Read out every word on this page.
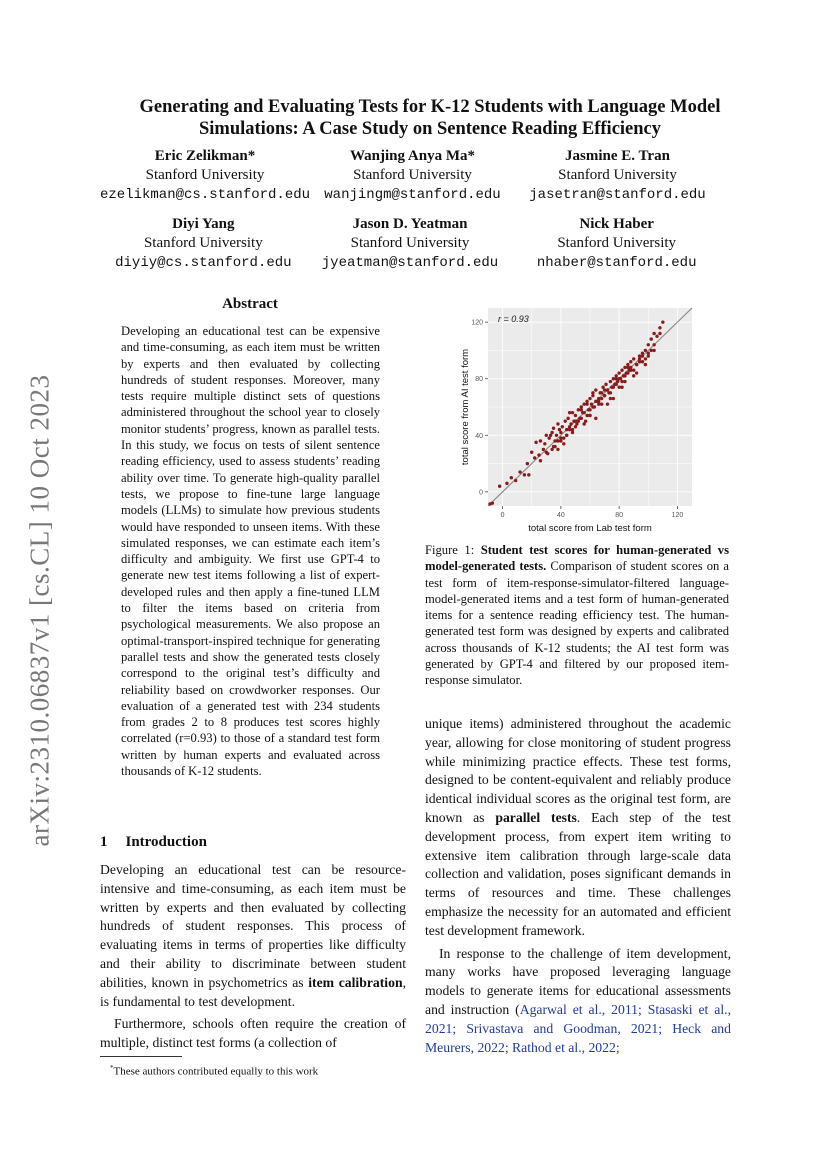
arXiv:2310.06837v1 [cs.CL] 10 Oct 2023
Generating and Evaluating Tests for K-12 Students with Language Model
Simulations: A Case Study on Sentence Reading Efficiency
Eric Zelikman*
Stanford University
ezelikman@cs.stanford.edu
Wanjing Anya Ma*
Stanford University
wanjingm@stanford.edu
Jasmine E. Tran
Stanford University
jasetran@stanford.edu
Diyi Yang
Stanford University
diyiy@cs.stanford.edu
Jason D. Yeatman
Stanford University
jyeatman@stanford.edu
Nick Haber
Stanford University
nhaber@stanford.edu
Abstract
Developing an educational test can be expensive and time-consuming, as each item must be written by experts and then evaluated by collecting hundreds of student responses. Moreover, many tests require multiple distinct sets of questions administered throughout the school year to closely monitor students’ progress, known as parallel tests. In this study, we focus on tests of silent sentence reading efficiency, used to assess students’ reading ability over time. To generate high-quality parallel tests, we propose to fine-tune large language models (LLMs) to simulate how previous students would have responded to unseen items. With these simulated responses, we can estimate each item’s difficulty and ambiguity. We first use GPT-4 to generate new test items following a list of expert-developed rules and then apply a fine-tuned LLM to filter the items based on criteria from psychological measurements. We also propose an optimal-transport-inspired technique for generating parallel tests and show the generated tests closely correspond to the original test’s difficulty and reliability based on crowdworker responses. Our evaluation of a generated test with 234 students from grades 2 to 8 produces test scores highly correlated (r=0.93) to those of a standard test form written by human experts and evaluated across thousands of K-12 students.
1 Introduction

Developing an educational test can be resource-intensive and time-consuming, as each item must be written by experts and then evaluated by collecting hundreds of student responses. This process of evaluating items in terms of properties like difficulty and their ability to discriminate between student abilities, known in psychometrics as item calibration, is fundamental to test development.

Furthermore, schools often require the creation of multiple, distinct test forms (a collection of

*These authors contributed equally to this work
0	40	80	120
0
40
80
120 r = 0.93
total score from Lab test form
total score from AI test form
Figure 1: Student test scores for human-generated vs model-generated tests. Comparison of student scores on a test form of item-response-simulator-filtered language-model-generated items and a test form of human-generated items for a sentence reading efficiency test. The human-generated test form was designed by experts and calibrated across thousands of K-12 students; the AI test form was generated by GPT-4 and filtered by our proposed item-response simulator.

unique items) administered throughout the academic year, allowing for close monitoring of student progress while minimizing practice effects. These test forms, designed to be content-equivalent and reliably produce identical individual scores as the original test form, are known as parallel tests. Each step of the test development process, from expert item writing to extensive item calibration through large-scale data collection and validation, poses significant demands in terms of resources and time. These challenges emphasize the necessity for an automated and efficient test development framework.

In response to the challenge of item development, many works have proposed leveraging language models to generate items for educational assessments and instruction (Agarwal et al., 2011; Stasaski et al., 2021; Srivastava and Goodman, 2021; Heck and Meurers, 2022; Rathod et al., 2022;
